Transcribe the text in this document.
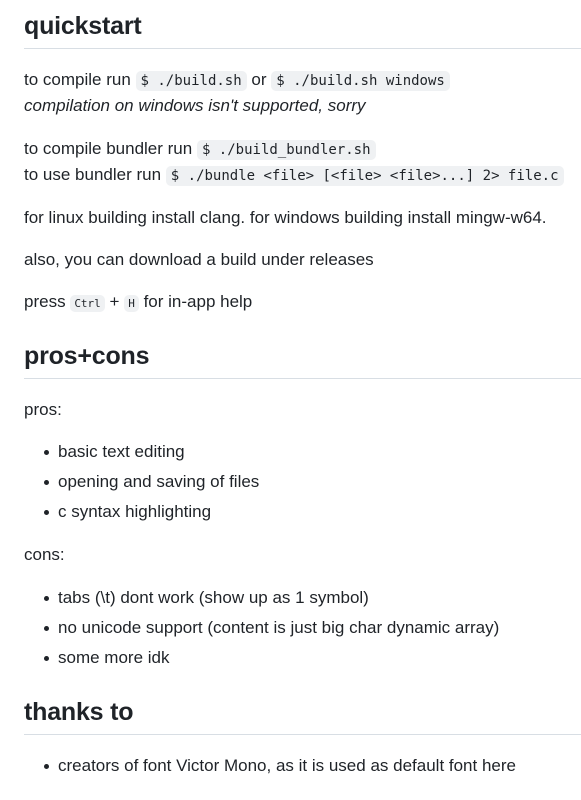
quickstart
to compile run $ ./build.sh or $ ./build.sh windows
compilation on windows isn't supported, sorry
to compile bundler run $ ./build_bundler.sh
to use bundler run $ ./bundle <file> [<file> <file>...] 2> file.c
for linux building install clang. for windows building install mingw-w64.
also, you can download a build under releases
press Ctrl + H for in-app help
pros+cons
pros:
basic text editing
opening and saving of files
c syntax highlighting
cons:
tabs (\t) dont work (show up as 1 symbol)
no unicode support (content is just big char dynamic array)
some more idk
thanks to
creators of font Victor Mono, as it is used as default font here
